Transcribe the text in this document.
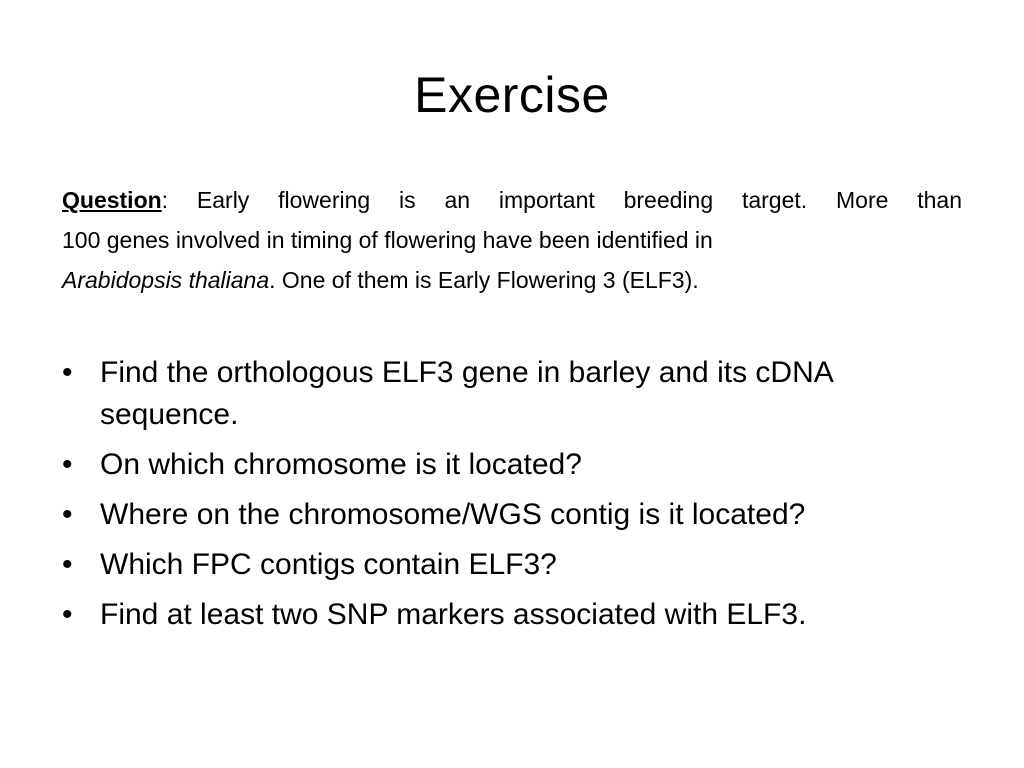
Exercise
Question: Early flowering is an important breeding target. More than
100 genes involved in timing of flowering have been identified in
Arabidopsis thaliana. One of them is Early Flowering 3 (ELF3).
• Find the orthologous ELF3 gene in barley and its cDNA sequence.
• On which chromosome is it located?
• Where on the chromosome/WGS contig is it located?
• Which FPC contigs contain ELF3?
• Find at least two SNP markers associated with ELF3.
